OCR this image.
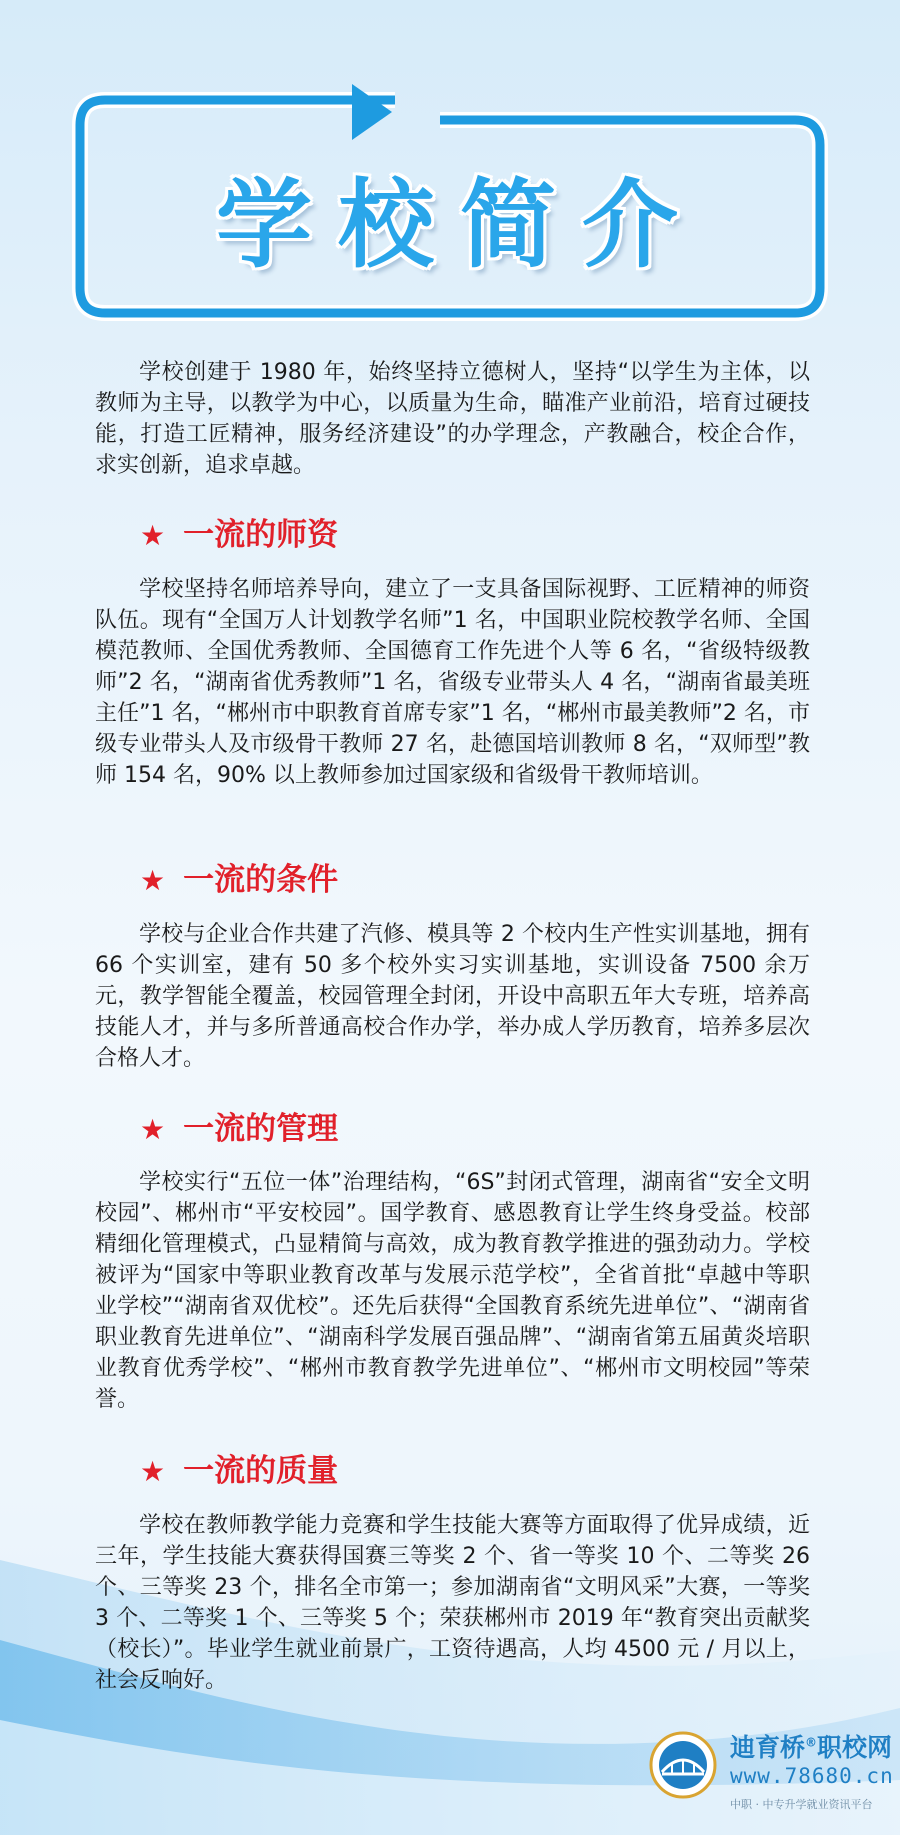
学校简介

学校创建于 1980 年，始终坚持立德树人，坚持“以学生为主体，以教师为主导，以教学为中心，以质量为生命，瞄准产业前沿，培育过硬技能，打造工匠精神，服务经济建设”的办学理念，产教融合，校企合作，求实创新，追求卓越。

★ 一流的师资

学校坚持名师培养导向，建立了一支具备国际视野、工匠精神的师资队伍。现有“全国万人计划教学名师”1 名，中国职业院校教学名师、全国模范教师、全国优秀教师、全国德育工作先进个人等 6 名，“省级特级教师”2 名，“湖南省优秀教师”1 名，省级专业带头人 4 名，“湖南省最美班主任”1 名，“郴州市中职教育首席专家”1 名，“郴州市最美教师”2 名，市级专业带头人及市级骨干教师 27 名，赴德国培训教师 8 名，“双师型”教师 154 名，90% 以上教师参加过国家级和省级骨干教师培训。

★ 一流的条件

学校与企业合作共建了汽修、模具等 2 个校内生产性实训基地，拥有 66 个实训室，建有 50 多个校外实习实训基地，实训设备 7500 余万元，教学智能全覆盖，校园管理全封闭，开设中高职五年大专班，培养高技能人才，并与多所普通高校合作办学，举办成人学历教育，培养多层次合格人才。

★ 一流的管理

学校实行“五位一体”治理结构，“6S”封闭式管理，湖南省“安全文明校园”、郴州市“平安校园”。国学教育、感恩教育让学生终身受益。校部精细化管理模式，凸显精简与高效，成为教育教学推进的强劲动力。学校被评为“国家中等职业教育改革与发展示范学校”，全省首批“卓越中等职业学校”“湖南省双优校”。还先后获得“全国教育系统先进单位”、“湖南省职业教育先进单位”、“湖南科学发展百强品牌”、“湖南省第五届黄炎培职业教育优秀学校”、“郴州市教育教学先进单位”、“郴州市文明校园”等荣誉。

★ 一流的质量

学校在教师教学能力竞赛和学生技能大赛等方面取得了优异成绩，近三年，学生技能大赛获得国赛三等奖 2 个、省一等奖 10 个、二等奖 26 个、三等奖 23 个，排名全市第一；参加湖南省“文明风采”大赛，一等奖 3 个、二等奖 1 个、三等奖 5 个；荣获郴州市 2019 年“教育突出贡献奖（校长）”。毕业学生就业前景广，工资待遇高，人均 4500 元 / 月以上，社会反响好。

迪育桥®职校网
www.78680.cn
中职 · 中专升学就业资讯平台
